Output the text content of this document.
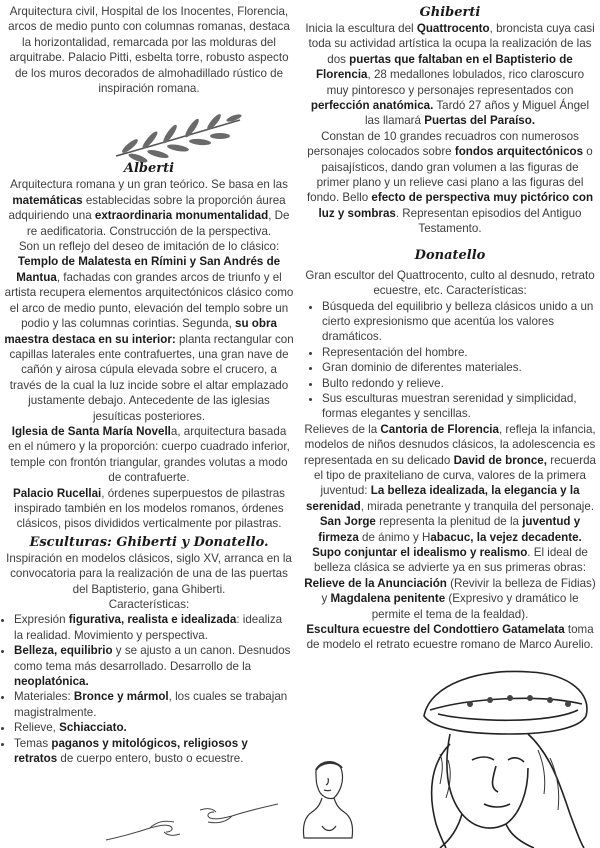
Arquitectura civil, Hospital de los Inocentes, Florencia, arcos de medio punto con columnas romanas, destaca la horizontalidad, remarcada por las molduras del arquitrabe. Palacio Pitti, esbelta torre, robusto aspecto de los muros decorados de almohadillado rústico de inspiración romana.

Alberti

Arquitectura romana y un gran teórico. Se basa en las matemáticas establecidas sobre la proporción áurea adquiriendo una extraordinaria monumentalidad, De re aedificatoria. Construcción de la perspectiva.

Son un reflejo del deseo de imitación de lo clásico: Templo de Malatesta en Rímini y San Andrés de Mantua, fachadas con grandes arcos de triunfo y el artista recupera elementos arquitectónicos clásico como el arco de medio punto, elevación del templo sobre un podio y las columnas corintias. Segunda, su obra maestra destaca en su interior: planta rectangular con capillas laterales ente contrafuertes, una gran nave de cañón y airosa cúpula elevada sobre el crucero, a través de la cual la luz incide sobre el altar emplazado justamente debajo. Antecedente de las iglesias jesuíticas posteriores.

Iglesia de Santa María Novella, arquitectura basada en el número y la proporción: cuerpo cuadrado inferior, temple con frontón triangular, grandes volutas a modo de contrafuerte.

Palacio Rucellai, órdenes superpuestos de pilastras inspirado también en los modelos romanos, órdenes clásicos, pisos divididos verticalmente por pilastras.

Esculturas: Ghiberti y Donatello.

Inspiración en modelos clásicos, siglo XV, arranca en la convocatoria para la realización de una de las puertas del Baptisterio, gana Ghiberti.

Características:

• Expresión figurativa, realista e idealizada: idealiza la realidad. Movimiento y perspectiva.
• Belleza, equilibrio y se ajusto a un canon. Desnudos como tema más desarrollado. Desarrollo de la neoplatónica.
• Materiales: Bronce y mármol, los cuales se trabajan magistralmente.
• Relieve, Schiacciato.
• Temas paganos y mitológicos, religiosos y retratos de cuerpo entero, busto o ecuestre.
Ghiberti

Inicia la escultura del Quattrocento, broncista cuya casi toda su actividad artística la ocupa la realización de las dos puertas que faltaban en el Baptisterio de Florencia, 28 medallones lobulados, rico claroscuro muy pintoresco y personajes representados con perfección anatómica. Tardó 27 años y Miguel Ángel las llamará Puertas del Paraíso.

Constan de 10 grandes recuadros con numerosos personajes colocados sobre fondos arquitectónicos o paisajísticos, dando gran volumen a las figuras de primer plano y un relieve casi plano a las figuras del fondo. Bello efecto de perspectiva muy pictórico con luz y sombras. Representan episodios del Antiguo Testamento.

Donatello

Gran escultor del Quattrocento, culto al desnudo, retrato ecuestre, etc. Características:

• Búsqueda del equilibrio y belleza clásicos unido a un cierto expresionismo que acentúa los valores dramáticos.
• Representación del hombre.
• Gran dominio de diferentes materiales.
• Bulto redondo y relieve.
• Sus esculturas muestran serenidad y simplicidad, formas elegantes y sencillas.

Relieves de la Cantoria de Florencia, refleja la infancia, modelos de niños desnudos clásicos, la adolescencia es representada en su delicado David de bronce, recuerda el tipo de praxiteliano de curva, valores de la primera juventud: La belleza idealizada, la elegancia y la serenidad, mirada penetrante y tranquila del personaje. San Jorge representa la plenitud de la juventud y firmeza de ánimo y Habacuc, la vejez decadente. Supo conjuntar el idealismo y realismo. El ideal de belleza clásica se advierte ya en sus primeras obras: Relieve de la Anunciación (Revivir la belleza de Fidias) y Magdalena penitente (Expresivo y dramático le permite el tema de la fealdad).

Escultura ecuestre del Condottiero Gatamelata toma de modelo el retrato ecuestre romano de Marco Aurelio.
